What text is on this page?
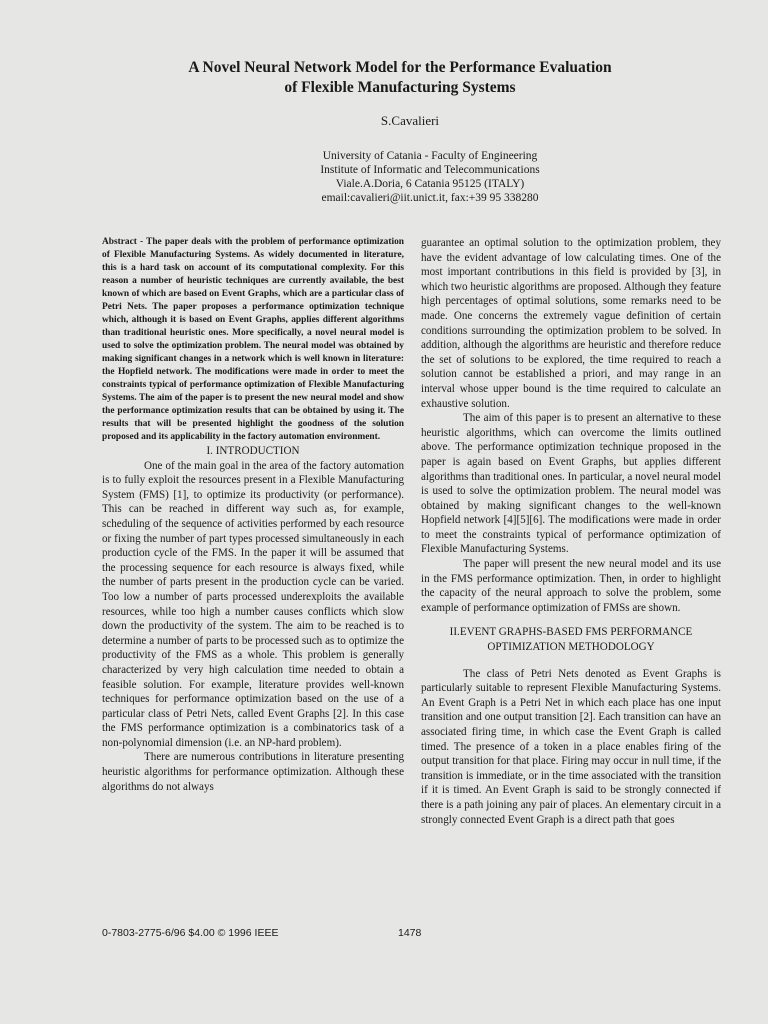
A Novel Neural Network Model for the Performance Evaluation
of Flexible Manufacturing Systems
S.Cavalieri
University of Catania - Faculty of Engineering
Institute of Informatic and Telecommunications
Viale.A.Doria, 6 Catania 95125 (ITALY)
email:cavalieri@iit.unict.it, fax:+39 95 338280

Abstract - The paper deals with the problem of performance optimization of Flexible Manufacturing Systems. As widely documented in literature, this is a hard task on account of its computational complexity. For this reason a number of heuristic techniques are currently available, the best known of which are based on Event Graphs, which are a particular class of Petri Nets. The paper proposes a performance optimization technique which, although it is based on Event Graphs, applies different algorithms than traditional heuristic ones. More specifically, a novel neural model is used to solve the optimization problem. The neural model was obtained by making significant changes in a network which is well known in literature: the Hopfield network. The modifications were made in order to meet the constraints typical of performance optimization of Flexible Manufacturing Systems. The aim of the paper is to present the new neural model and show the performance optimization results that can be obtained by using it. The results that will be presented highlight the goodness of the solution proposed and its applicability in the factory automation environment.

I. INTRODUCTION

One of the main goal in the area of the factory automation is to fully exploit the resources present in a Flexible Manufacturing System (FMS) [1], to optimize its productivity (or performance). This can be reached in different way such as, for example, scheduling of the sequence of activities performed by each resource or fixing the number of part types processed simultaneously in each production cycle of the FMS. In the paper it will be assumed that the processing sequence for each resource is always fixed, while the number of parts present in the production cycle can be varied. Too low a number of parts processed underexploits the available resources, while too high a number causes conflicts which slow down the productivity of the system. The aim to be reached is to determine a number of parts to be processed such as to optimize the productivity of the FMS as a whole. This problem is generally characterized by very high calculation time needed to obtain a feasible solution. For example, literature provides well-known techniques for performance optimization based on the use of a particular class of Petri Nets, called Event Graphs [2]. In this case the FMS performance optimization is a combinatorics task of a non-polynomial dimension (i.e. an NP-hard problem).

There are numerous contributions in literature presenting heuristic algorithms for performance optimization. Although these algorithms do not always

guarantee an optimal solution to the optimization problem, they have the evident advantage of low calculating times. One of the most important contributions in this field is provided by [3], in which two heuristic algorithms are proposed. Although they feature high percentages of optimal solutions, some remarks need to be made. One concerns the extremely vague definition of certain conditions surrounding the optimization problem to be solved. In addition, although the algorithms are heuristic and therefore reduce the set of solutions to be explored, the time required to reach a solution cannot be established a priori, and may range in an interval whose upper bound is the time required to calculate an exhaustive solution.

The aim of this paper is to present an alternative to these heuristic algorithms, which can overcome the limits outlined above. The performance optimization technique proposed in the paper is again based on Event Graphs, but applies different algorithms than traditional ones. In particular, a novel neural model is used to solve the optimization problem. The neural model was obtained by making significant changes to the well-known Hopfield network [4][5][6]. The modifications were made in order to meet the constraints typical of performance optimization of Flexible Manufacturing Systems.

The paper will present the new neural model and its use in the FMS performance optimization. Then, in order to highlight the capacity of the neural approach to solve the problem, some example of performance optimization of FMSs are shown.

II.EVENT GRAPHS-BASED FMS PERFORMANCE
OPTIMIZATION METHODOLOGY

The class of Petri Nets denoted as Event Graphs is particularly suitable to represent Flexible Manufacturing Systems. An Event Graph is a Petri Net in which each place has one input transition and one output transition [2]. Each transition can have an associated firing time, in which case the Event Graph is called timed. The presence of a token in a place enables firing of the output transition for that place. Firing may occur in null time, if the transition is immediate, or in the time associated with the transition if it is timed. An Event Graph is said to be strongly connected if there is a path joining any pair of places. An elementary circuit in a strongly connected Event Graph is a direct path that goes

0-7803-2775-6/96 $4.00 © 1996 IEEE	1478
